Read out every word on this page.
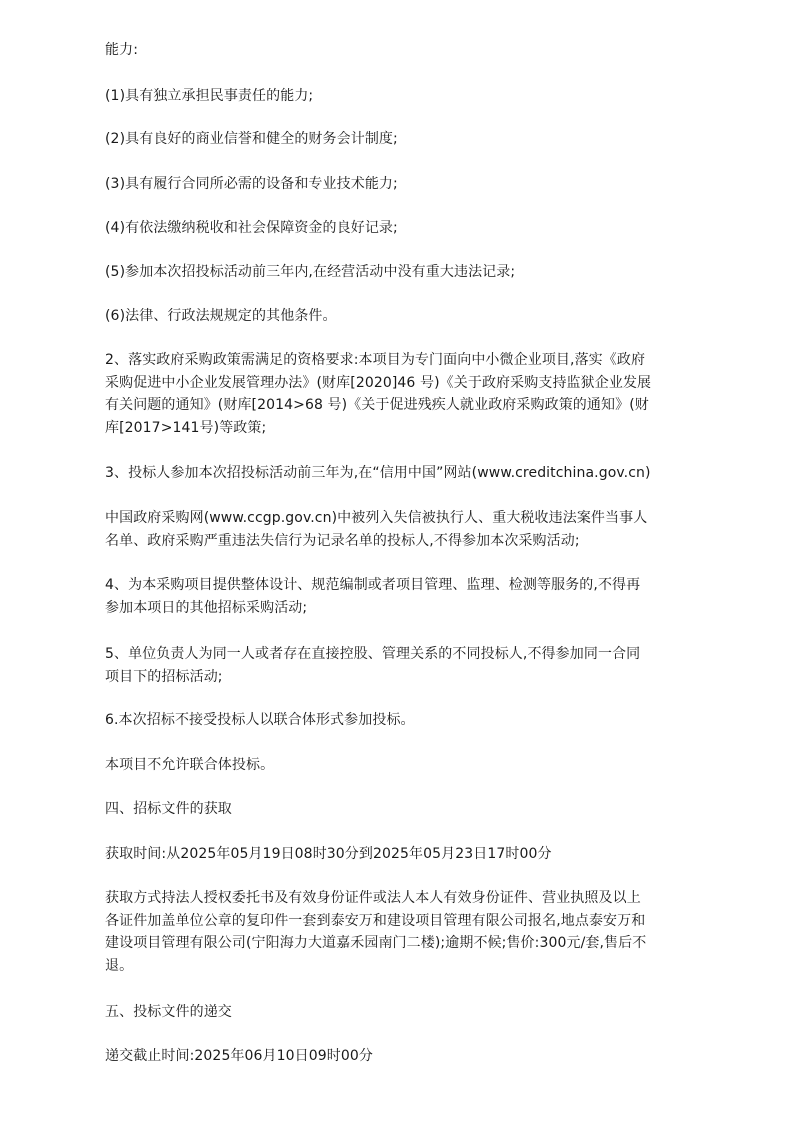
能力:

(1)具有独立承担民事责任的能力;

(2)具有良好的商业信誉和健全的财务会计制度;

(3)具有履行合同所必需的设备和专业技术能力;

(4)有依法缴纳税收和社会保障资金的良好记录;

(5)参加本次招投标活动前三年内,在经营活动中没有重大违法记录;

(6)法律、行政法规规定的其他条件。

2、落实政府采购政策需满足的资格要求:本项目为专门面向中小微企业项目,落实《政府
采购促进中小企业发展管理办法》(财库[2020]46 号)《关于政府采购支持监狱企业发展
有关问题的通知》(财库[2014>68 号)《关于促进残疾人就业政府采购政策的通知》(财
库[2017>141号)等政策;

3、投标人参加本次招投标活动前三年为,在“信用中国”网站(www.creditchina.gov.cn)

中国政府采购网(www.ccgp.gov.cn)中被列入失信被执行人、重大税收违法案件当事人
名单、政府采购严重违法失信行为记录名单的投标人,不得参加本次采购活动;

4、为本采购项目提供整体设计、规范编制或者项目管理、监理、检测等服务的,不得再
参加本项日的其他招标采购活动;

5、单位负责人为同一人或者存在直接控股、管理关系的不同投标人,不得参加同一合同
项目下的招标活动;

6.本次招标不接受投标人以联合体形式参加投标。

本项目不允许联合体投标。

四、招标文件的获取

获取时间:从2025年05月19日08时30分到2025年05月23日17时00分

获取方式持法人授权委托书及有效身份证件或法人本人有效身份证件、营业执照及以上
各证件加盖单位公章的复印件一套到泰安万和建设项目管理有限公司报名,地点泰安万和
建设项目管理有限公司(宁阳海力大道嘉禾园南门二楼);逾期不候;售价:300元/套,售后不
退。

五、投标文件的递交

递交截止时间:2025年06月10日09时00分
